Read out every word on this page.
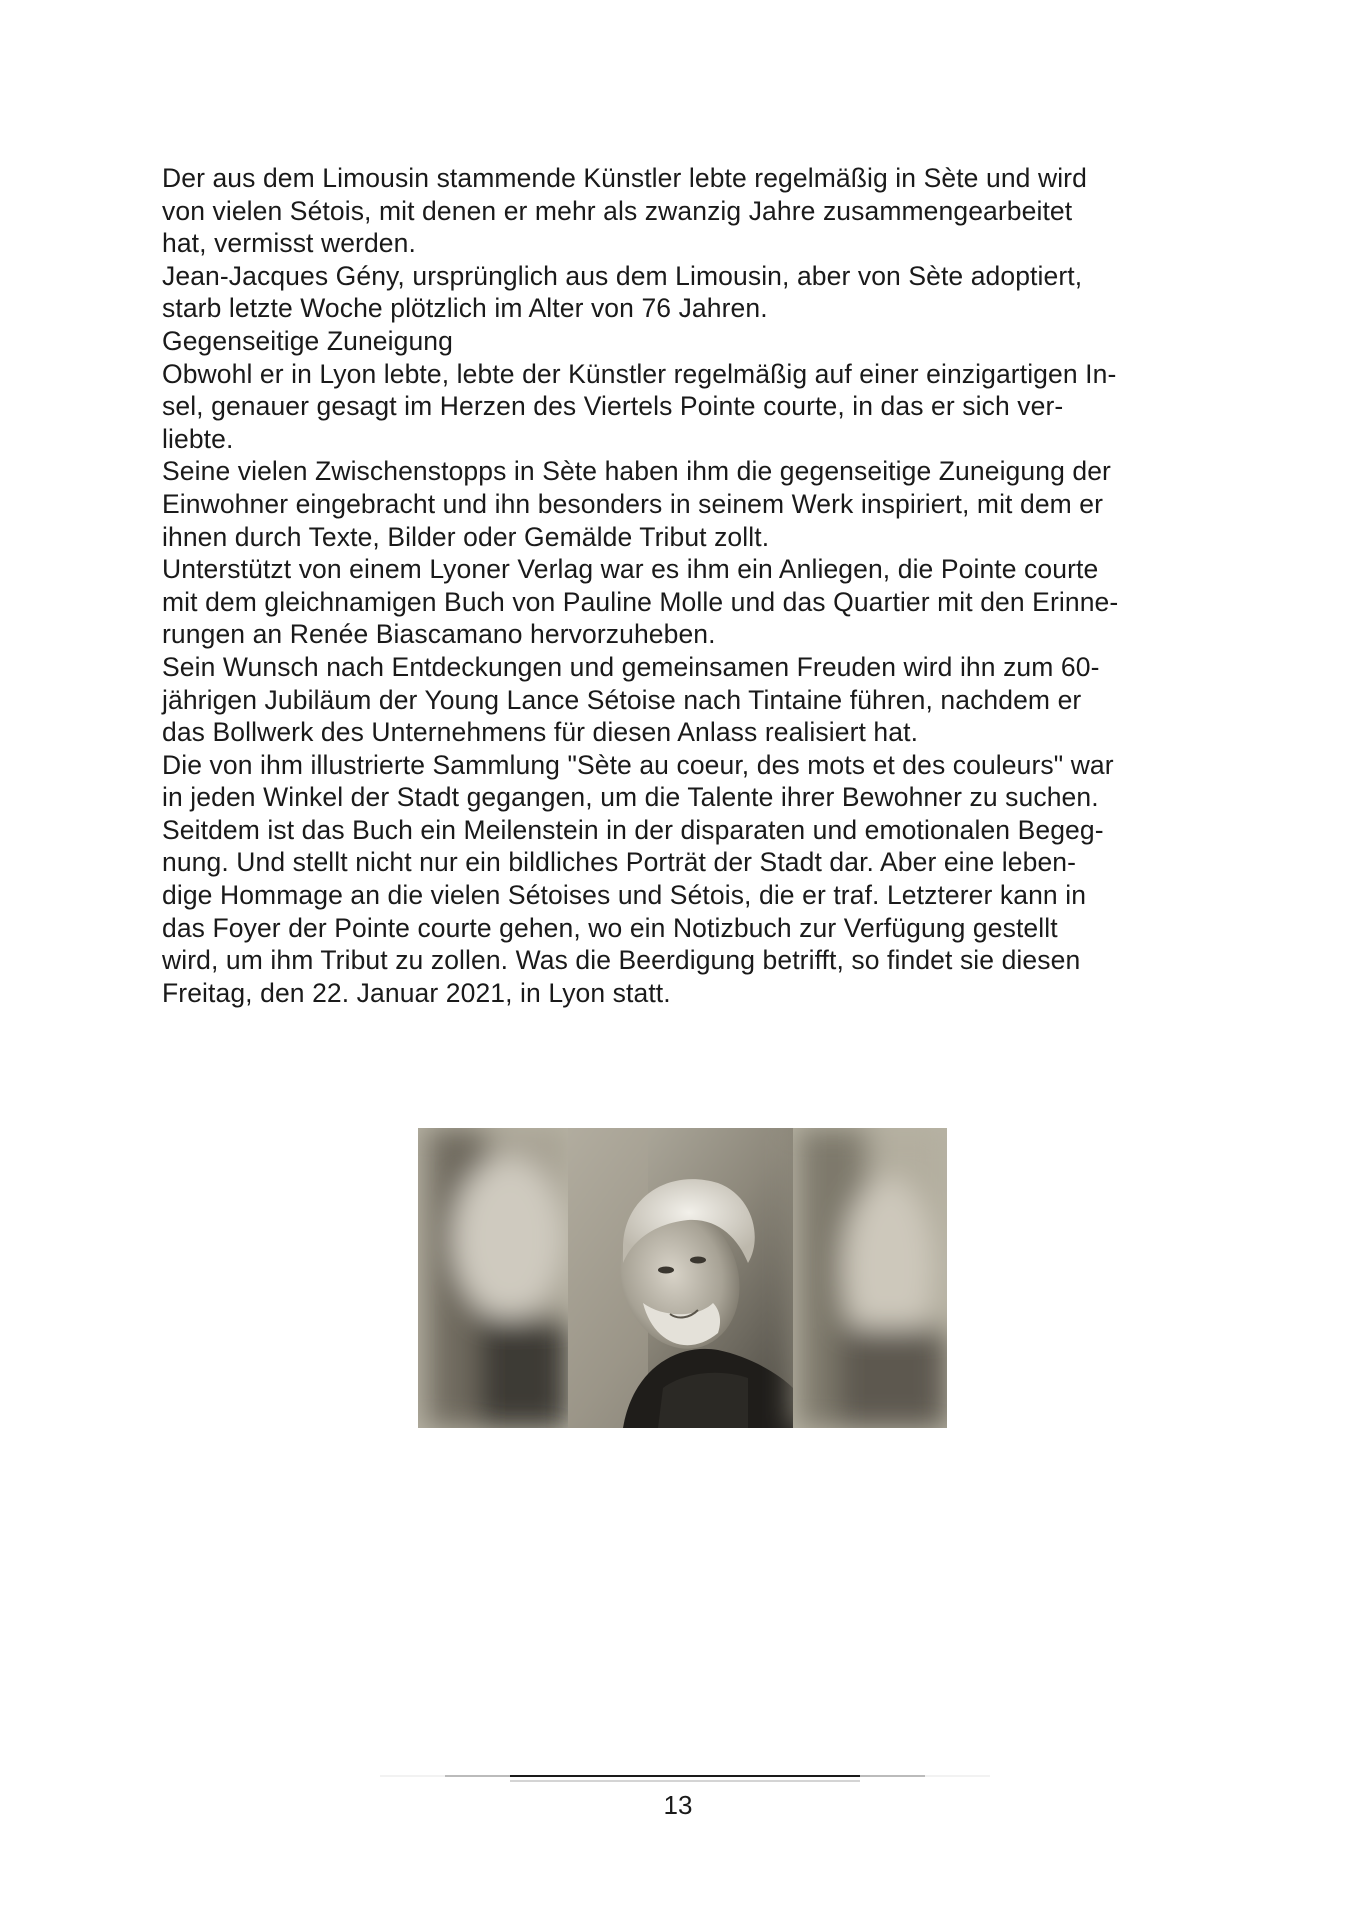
Der aus dem Limousin stammende Künstler lebte regelmäßig in Sète und wird
von vielen Sétois, mit denen er mehr als zwanzig Jahre zusammengearbeitet
hat, vermisst werden.
Jean-Jacques Gény, ursprünglich aus dem Limousin, aber von Sète adoptiert,
starb letzte Woche plötzlich im Alter von 76 Jahren.
Gegenseitige Zuneigung
Obwohl er in Lyon lebte, lebte der Künstler regelmäßig auf einer einzigartigen In-
sel, genauer gesagt im Herzen des Viertels Pointe courte, in das er sich ver-
liebte.
Seine vielen Zwischenstopps in Sète haben ihm die gegenseitige Zuneigung der
Einwohner eingebracht und ihn besonders in seinem Werk inspiriert, mit dem er
ihnen durch Texte, Bilder oder Gemälde Tribut zollt.
Unterstützt von einem Lyoner Verlag war es ihm ein Anliegen, die Pointe courte
mit dem gleichnamigen Buch von Pauline Molle und das Quartier mit den Erinne-
rungen an Renée Biascamano hervorzuheben.
Sein Wunsch nach Entdeckungen und gemeinsamen Freuden wird ihn zum 60-
jährigen Jubiläum der Young Lance Sétoise nach Tintaine führen, nachdem er
das Bollwerk des Unternehmens für diesen Anlass realisiert hat.
Die von ihm illustrierte Sammlung "Sète au coeur, des mots et des couleurs" war
in jeden Winkel der Stadt gegangen, um die Talente ihrer Bewohner zu suchen.
Seitdem ist das Buch ein Meilenstein in der disparaten und emotionalen Begeg-
nung. Und stellt nicht nur ein bildliches Porträt der Stadt dar. Aber eine leben-
dige Hommage an die vielen Sétoises und Sétois, die er traf. Letzterer kann in
das Foyer der Pointe courte gehen, wo ein Notizbuch zur Verfügung gestellt
wird, um ihm Tribut zu zollen. Was die Beerdigung betrifft, so findet sie diesen
Freitag, den 22. Januar 2021, in Lyon statt.
13
